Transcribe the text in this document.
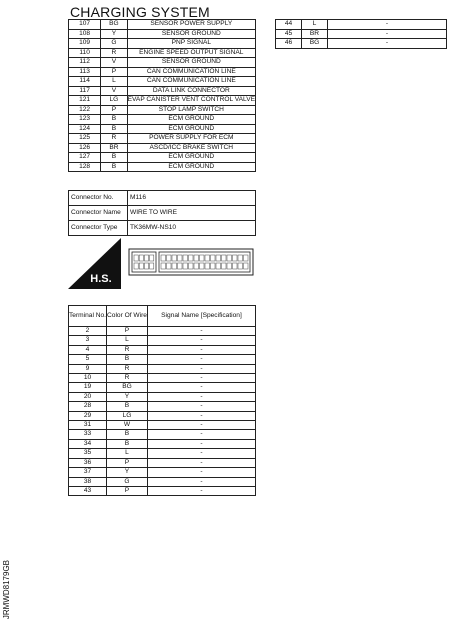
CHARGING SYSTEM
107	BG	SENSOR POWER SUPPLY
108	Y	SENSOR GROUND
109	G	PNP SIGNAL
110	R	ENGINE SPEED OUTPUT SIGNAL
112	V	SENSOR GROUND
113	P	CAN COMMUNICATION LINE
114	L	CAN COMMUNICATION LINE
117	V	DATA LINK CONNECTOR
121	LG	EVAP CANISTER VENT CONTROL VALVE
122	P	STOP LAMP SWITCH
123	B	ECM GROUND
124	B	ECM GROUND
125	R	POWER SUPPLY FOR ECM
126	BR	ASCD/ICC BRAKE SWITCH
127	B	ECM GROUND
128	B	ECM GROUND
44	L	-
45	BR	-
46	BG	-
Connector No.	M116
Connector Name	WIRE TO WIRE
Connector Type	TK36MW-NS10
H.S.
Terminal No.	Color Of Wire	Signal Name [Specification]
2	P	-
3	L	-
4	R	-
5	B	-
9	R	-
10	R	-
19	BG	-
20	Y	-
28	B	-
29	LG	-
31	W	-
33	B	-
34	B	-
35	L	-
36	P	-
37	Y	-
38	G	-
43	P	-
JRMWD8179GB
